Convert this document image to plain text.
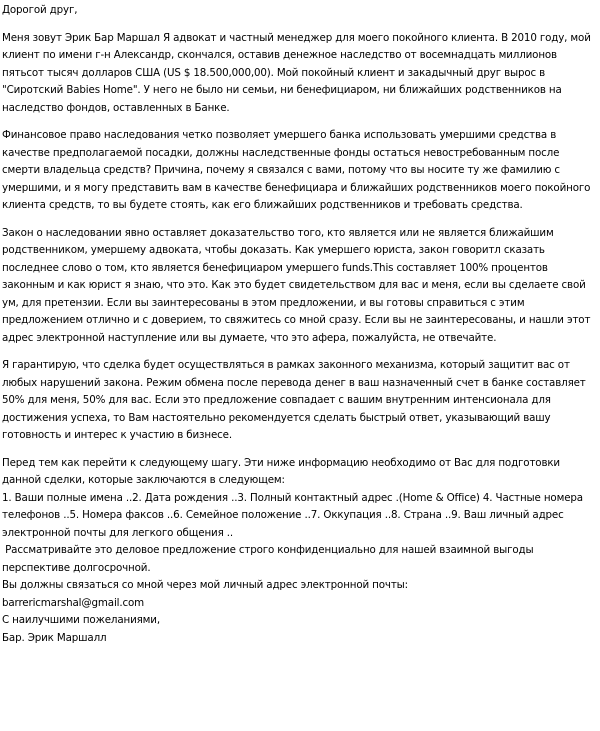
Дорогой друг,
Меня зовут Эрик Бар Маршал Я адвокат и частный менеджер для моего покойного клиента. В 2010 году, мой клиент по имени г-н Александр, скончался, оставив денежное наследство от восемнадцать миллионов пятьсот тысяч долларов США (US $ 18.500,000,00). Мой покойный клиент и закадычный друг вырос в "Сиротский Babies Home". У него не было ни семьи, ни бенефициаром, ни ближайших родственников на наследство фондов, оставленных в Банке.
Финансовое право наследования четко позволяет умершего банка использовать умершими средства в качестве предполагаемой посадки, должны наследственные фонды остаться невостребованным после смерти владельца средств? Причина, почему я связался с вами, потому что вы носите ту же фамилию с умершими, и я могу представить вам в качестве бенефициара и ближайших родственников моего покойного клиента средств, то вы будете стоять, как его ближайших родственников и требовать средства.
Закон о наследовании явно оставляет доказательство того, кто является или не является ближайшим родственником, умершему адвоката, чтобы доказать. Как умершего юриста, закон говоритл сказать последнее слово о том, кто является бенефициаром умершего funds.This составляет 100% процентов законным и как юрист я знаю, что это. Как это будет свидетельством для вас и меня, если вы сделаете свой ум, для претензии. Если вы заинтересованы в этом предложении, и вы готовы справиться с этим предложением отлично и с доверием, то свяжитесь со мной сразу. Если вы не заинтересованы, и нашли этот адрес электронной наступление или вы думаете, что это афера, пожалуйста, не отвечайте.
Я гарантирую, что сделка будет осуществляться в рамках законного механизма, который защитит вас от любых нарушений закона. Режим обмена после перевода денег в ваш назначенный счет в банке составляет 50% для меня, 50% для вас. Если это предложение совпадает с вашим внутренним интенсионала для достижения успеха, то Вам настоятельно рекомендуется сделать быстрый ответ, указывающий вашу готовность и интерес к участию в бизнесе.
Перед тем как перейти к следующему шагу. Эти ниже информацию необходимо от Вас для подготовки данной сделки, которые заключаются в следующем:
1. Ваши полные имена ..2. Дата рождения ..3. Полный контактный адрес .(Home & Office) 4. Частные номера телефонов ..5. Номера факсов ..6. Семейное положение ..7. Оккупация ..8. Страна ..9. Ваш личный адрес электронной почты для легкого общения ..
Рассматривайте это деловое предложение строго конфиденциально для нашей взаимной выгоды перспективе долгосрочной.
Вы должны связаться со мной через мой личный адрес электронной почты:
barrericmarshal@gmail.com
С наилучшими пожеланиями,
Бар. Эрик Маршалл
